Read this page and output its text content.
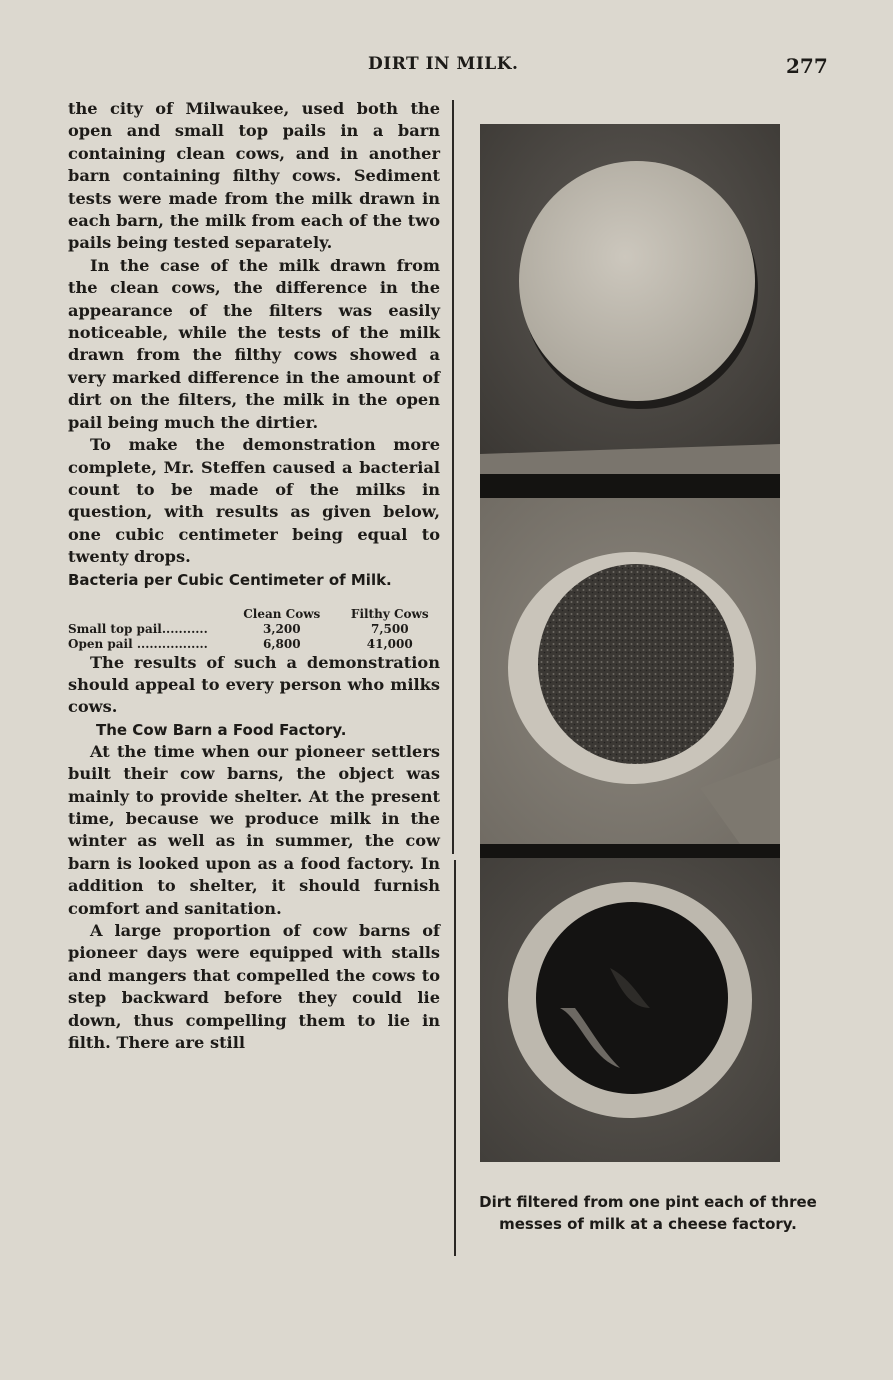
DIRT IN MILK.	277

the city of Milwaukee, used both the open and small top pails in a barn containing clean cows, and in another barn containing filthy cows. Sediment tests were made from the milk drawn in each barn, the milk from each of the two pails being tested separately.

In the case of the milk drawn from the clean cows, the difference in the appearance of the filters was easily noticeable, while the tests of the milk drawn from the filthy cows showed a very marked difference in the amount of dirt on the filters, the milk in the open pail being much the dirtier.

To make the demonstration more complete, Mr. Steffen caused a bacterial count to be made of the milks in question, with results as given below, one cubic centimeter being equal to twenty drops.

Bacteria per Cubic Centimeter of Milk.

	Clean Cows	Filthy Cows
Small top pail...........	3,200	7,500
Open pail .................	6,800	41,000

The results of such a demonstration should appeal to every person who milks cows.

The Cow Barn a Food Factory.

At the time when our pioneer settlers built their cow barns, the object was mainly to provide shelter. At the present time, because we produce milk in the winter as well as in summer, the cow barn is looked upon as a food factory. In addition to shelter, it should furnish comfort and sanitation.

A large proportion of cow barns of pioneer days were equipped with stalls and mangers that compelled the cows to step backward before they could lie down, thus compelling them to lie in filth. There are still

Dirt filtered from one pint each of three messes of milk at a cheese factory.
